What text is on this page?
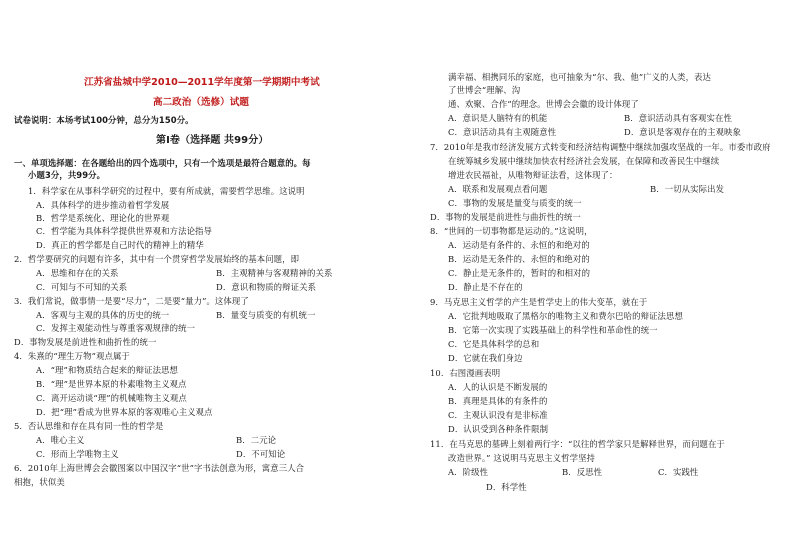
江苏省盐城中学2010—2011学年度第一学期期中考试
高二政治（选修）试题
试卷说明：本场考试100分钟，总分为150分。
第Ⅰ卷（选择题 共99分）
一、单项选择题：在各题给出的四个选项中，只有一个选项是最符合题意的。每
小题3分，共99分。
1．科学家在从事科学研究的过程中，要有所成就，需要哲学思维。这说明
A．具体科学的进步推动着哲学发展
B．哲学是系统化、理论化的世界观
C．哲学能为具体科学提供世界观和方法论指导
D．真正的哲学都是自己时代的精神上的精华
2．哲学要研究的问题有许多，其中有一个贯穿哲学发展始终的基本问题，即
A．思维和存在的关系	B．主观精神与客观精神的关系
C．可知与不可知的关系	D．意识和物质的辩证关系
3．我们常说，做事情一是要“尽力”，二是要“量力”。这体现了
A．客观与主观的具体的历史的统一	B．量变与质变的有机统一
C．发挥主观能动性与尊重客观规律的统一
D．事物发展是前进性和曲折性的统一
4．朱熹的“理生万物”观点属于
A．“理”和物质结合起来的辩证法思想
B．“理”是世界本原的朴素唯物主义观点
C．离开运动谈“理”的机械唯物主义观点
D．把“理”看成为世界本原的客观唯心主义观点
5．否认思维和存在具有同一性的哲学是
A．唯心主义	B．二元论
C．形而上学唯物主义	D．不可知论
6．2010年上海世博会会徽图案以中国汉字“世”字书法创意为形，寓意三人合
相抱，状似美
满幸福、相携同乐的家庭，也可抽象为“尔、我、他”广义的人类，表达
了世博会“理解、沟
通、欢聚、合作”的理念。世博会会徽的设计体现了
A．意识是人脑特有的机能	B．意识活动具有客观实在性
C．意识活动具有主观随意性	D．意识是客观存在的主观映象
7．2010年是我市经济发展方式转变和经济结构调整中继续加强攻坚战的一年。市委市政府
在统筹城乡发展中继续加快农村经济社会发展，在保障和改善民生中继续
增进农民福祉，从唯物辩证法看，这体现了：
A．联系和发展观点看问题	B．一切从实际出发
C．事物的发展是量变与质变的统一
D．事物的发展是前进性与曲折性的统一
8．“世间的一切事物都是运动的。”这说明，
A．运动是有条件的、永恒的和绝对的
B．运动是无条件的、永恒的和绝对的
C．静止是无条件的，暂时的和相对的
D．静止是不存在的
9．马克思主义哲学的产生是哲学史上的伟大变革，就在于
A．它批判地吸取了黑格尔的唯物主义和费尔巴哈的辩证法思想
B．它第一次实现了实践基础上的科学性和革命性的统一
C．它是具体科学的总和
D．它就在我们身边
10．右图漫画表明
A．人的认识是不断发展的
B．真理是具体的有条件的
C．主观认识没有是非标准
D．认识受到各种条件限制
11．在马克思的墓碑上刻着两行字：“以往的哲学家只是解释世界，而问题在于
改造世界。” 这说明马克思主义哲学坚持
A．阶级性	B．反思性	C．实践性
D．科学性
